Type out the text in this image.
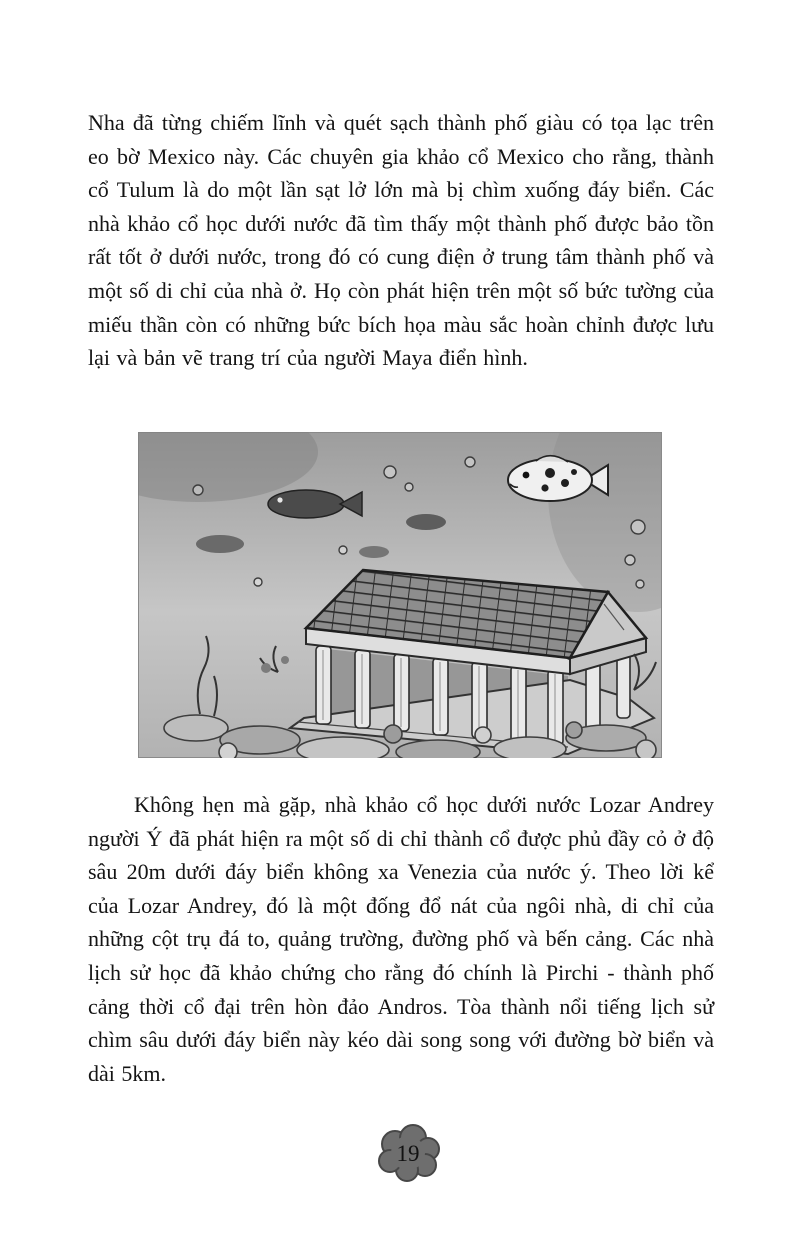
Nha đã từng chiếm lĩnh và quét sạch thành phố giàu có tọa lạc trên eo bờ Mexico này. Các chuyên gia khảo cổ Mexico cho rằng, thành cổ Tulum là do một lần sạt lở lớn mà bị chìm xuống đáy biển. Các nhà khảo cổ học dưới nước đã tìm thấy một thành phố được bảo tồn rất tốt ở dưới nước, trong đó có cung điện ở trung tâm thành phố và một số di chỉ của nhà ở. Họ còn phát hiện trên một số bức tường của miếu thần còn có những bức bích họa màu sắc hoàn chỉnh được lưu lại và bản vẽ trang trí của người Maya điển hình.

Không hẹn mà gặp, nhà khảo cổ học dưới nước Lozar Andrey người Ý đã phát hiện ra một số di chỉ thành cổ được phủ đầy cỏ ở độ sâu 20m dưới đáy biển không xa Venezia của nước ý. Theo lời kể của Lozar Andrey, đó là một đống đổ nát của ngôi nhà, di chỉ của những cột trụ đá to, quảng trường, đường phố và bến cảng. Các nhà lịch sử học đã khảo chứng cho rằng đó chính là Pirchi - thành phố cảng thời cổ đại trên hòn đảo Andros. Tòa thành nổi tiếng lịch sử chìm sâu dưới đáy biển này kéo dài song song với đường bờ biển và dài 5km.

19
